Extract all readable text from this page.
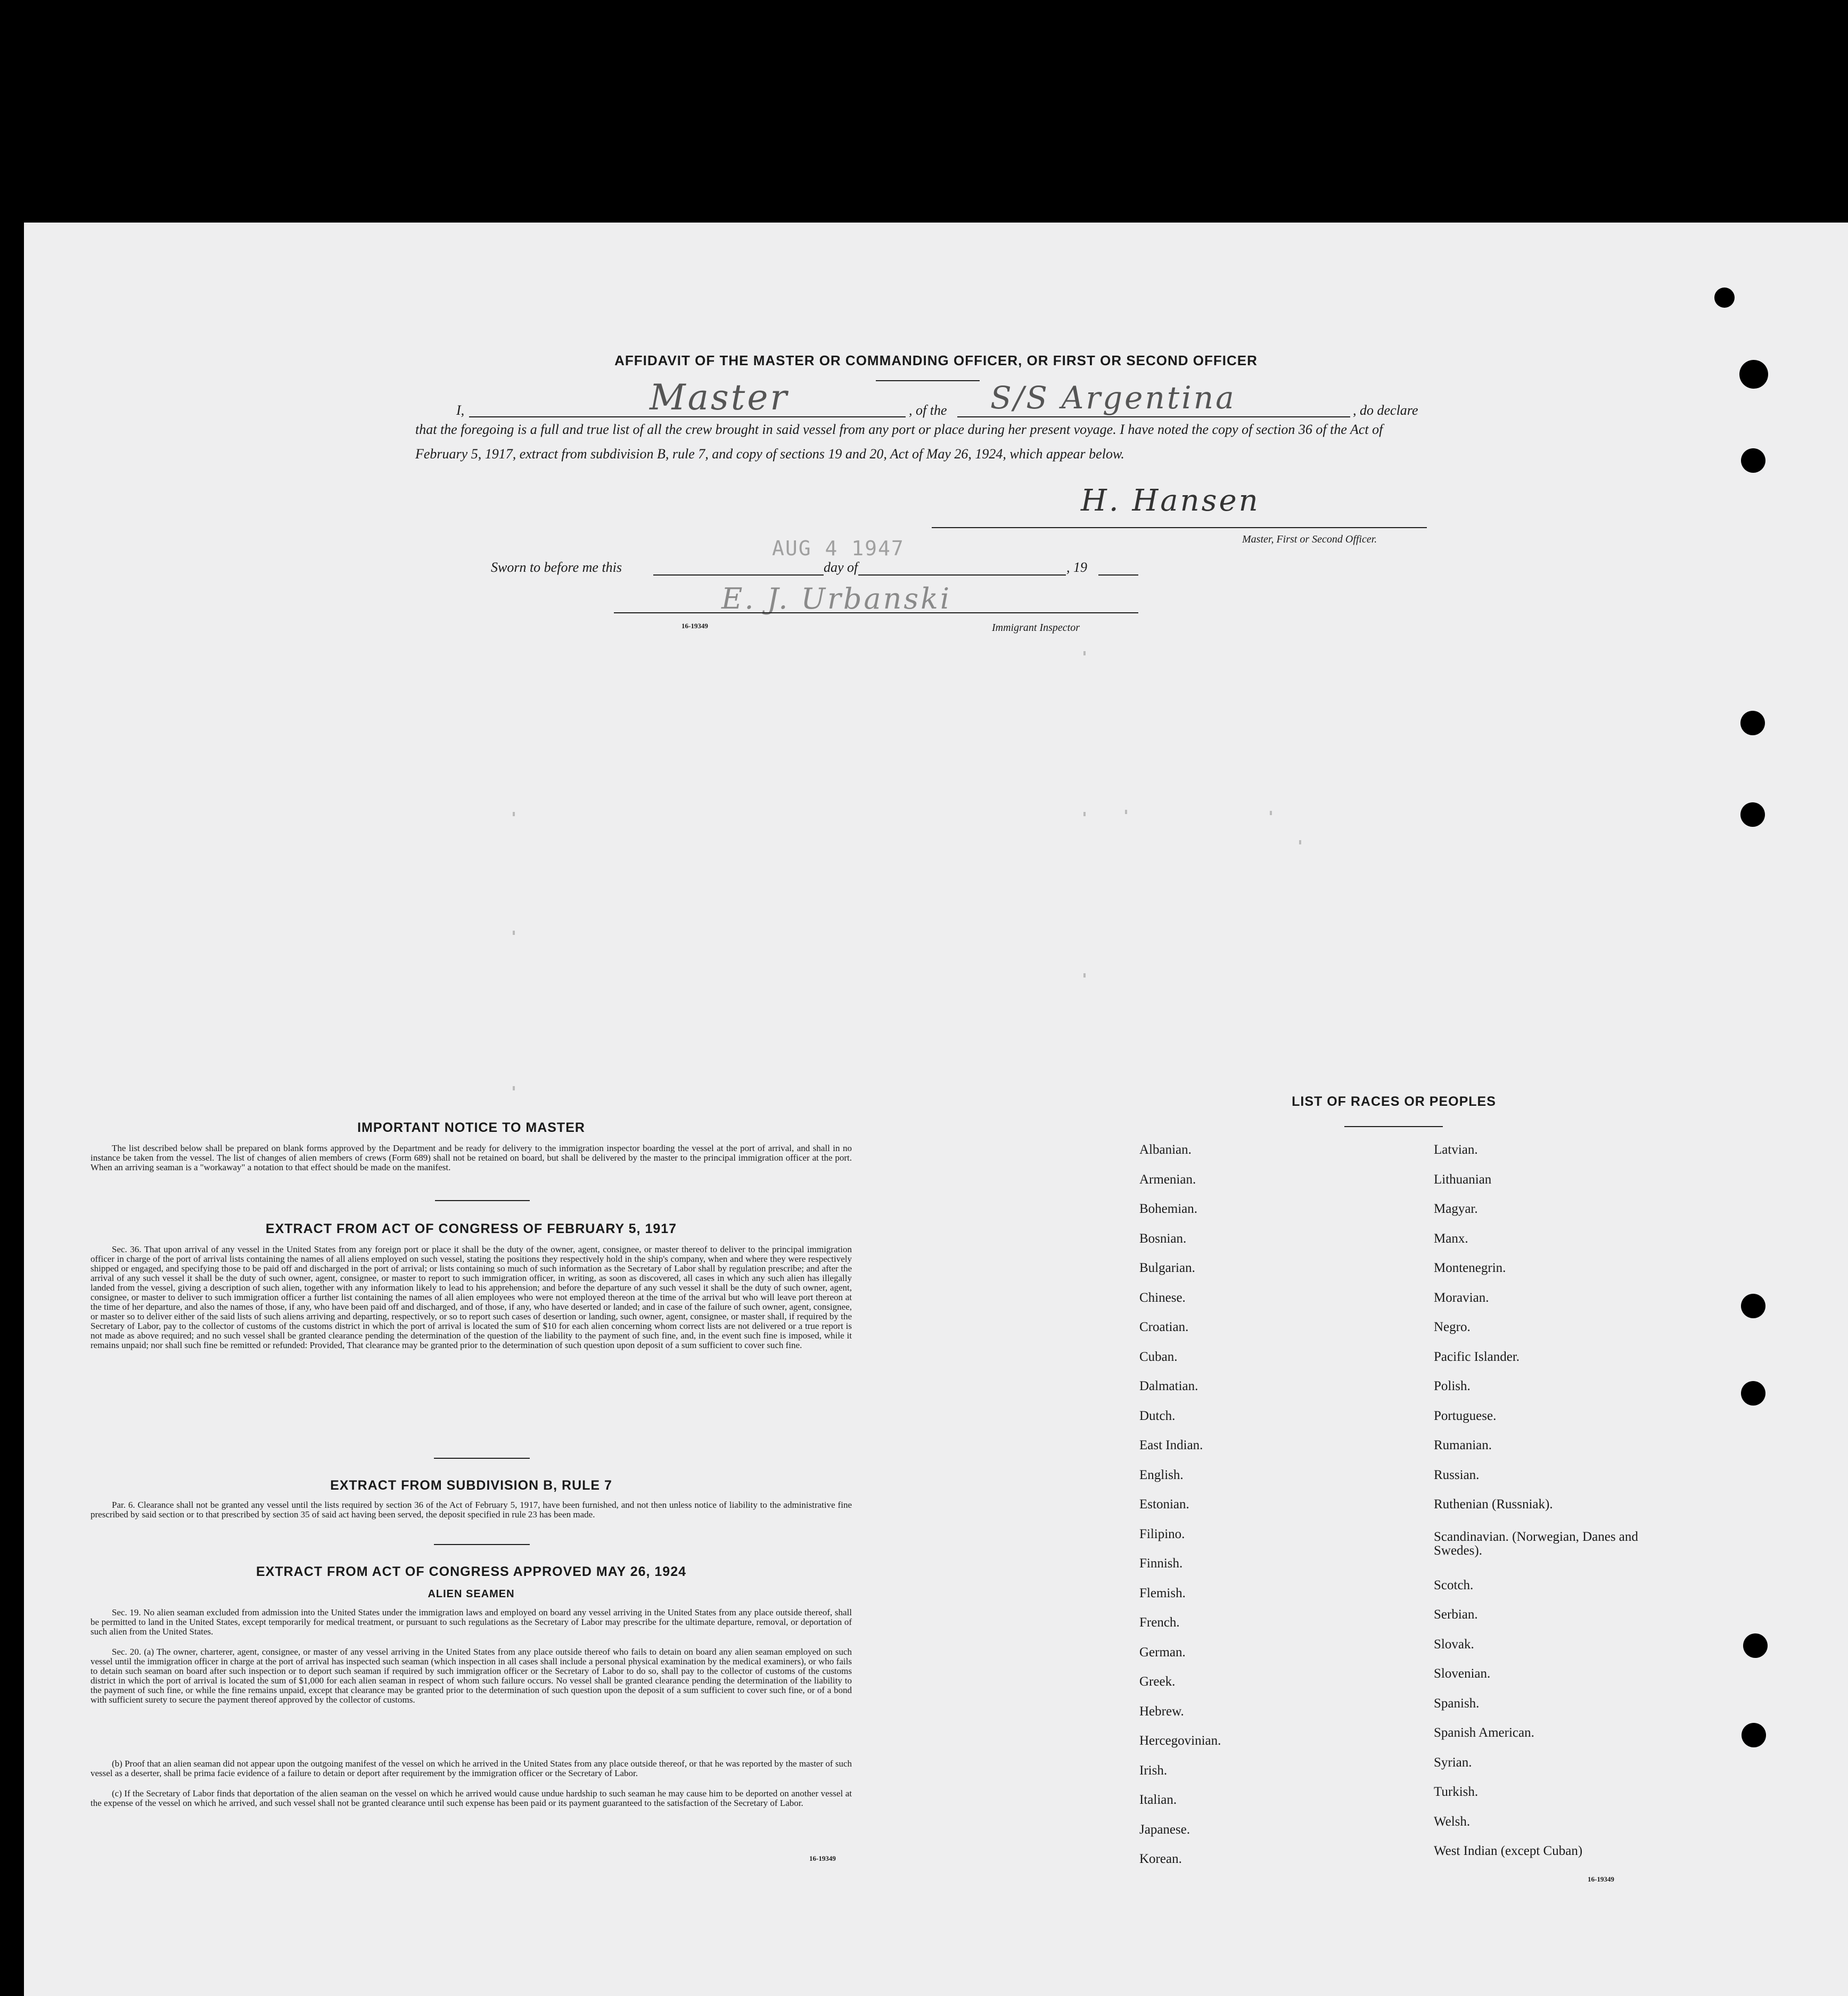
AFFIDAVIT OF THE MASTER OR COMMANDING OFFICER, OR FIRST OR SECOND OFFICER
I,	Master	, of the S/S Argentina	, do declare
that the foregoing is a full and true list of all the crew brought in said vessel from any port or place during her present voyage. I have noted the copy of section 36 of the Act of February 5, 1917, extract from subdivision B, rule 7, and copy of sections 19 and 20, Act of May 26, 1924, which appear below.
H. Hansen
Master, First or Second Officer.
Sworn to before me this
AUG 4 1947
day of	, 19
E. J. Urbanski
16-19349	Immigrant Inspector
IMPORTANT NOTICE TO MASTER
The list described below shall be prepared on blank forms approved by the Department and be ready for delivery to the immigration inspector boarding the vessel at the port of arrival, and shall in no instance be taken from the vessel. The list of changes of alien members of crews (Form 689) shall not be retained on board, but shall be delivered by the master to the principal immigration officer at the port. When an arriving seaman is a "workaway" a notation to that effect should be made on the manifest.
EXTRACT FROM ACT OF CONGRESS OF FEBRUARY 5, 1917
Sec. 36. That upon arrival of any vessel in the United States from any foreign port or place it shall be the duty of the owner, agent, consignee, or master thereof to deliver to the principal immigration officer in charge of the port of arrival lists containing the names of all aliens employed on such vessel, stating the positions they respectively hold in the ship's company, when and where they were respectively shipped or engaged, and specifying those to be paid off and discharged in the port of arrival; or lists containing so much of such information as the Secretary of Labor shall by regulation prescribe; and after the arrival of any such vessel it shall be the duty of such owner, agent, consignee, or master to report to such immigration officer, in writing, as soon as discovered, all cases in which any such alien has illegally landed from the vessel, giving a description of such alien, together with any information likely to lead to his apprehension; and before the departure of any such vessel it shall be the duty of such owner, agent, consignee, or master to deliver to such immigration officer a further list containing the names of all alien employees who were not employed thereon at the time of the arrival but who will leave port thereon at the time of her departure, and also the names of those, if any, who have been paid off and discharged, and of those, if any, who have deserted or landed; and in case of the failure of such owner, agent, consignee, or master so to deliver either of the said lists of such aliens arriving and departing, respectively, or so to report such cases of desertion or landing, such owner, agent, consignee, or master shall, if required by the Secretary of Labor, pay to the collector of customs of the customs district in which the port of arrival is located the sum of $10 for each alien concerning whom correct lists are not delivered or a true report is not made as above required; and no such vessel shall be granted clearance pending the determination of the question of the liability to the payment of such fine, and, in the event such fine is imposed, while it remains unpaid; nor shall such fine be remitted or refunded: Provided, That clearance may be granted prior to the determination of such question upon deposit of a sum sufficient to cover such fine.
EXTRACT FROM SUBDIVISION B, RULE 7
Par. 6. Clearance shall not be granted any vessel until the lists required by section 36 of the Act of February 5, 1917, have been furnished, and not then unless notice of liability to the administrative fine prescribed by said section or to that prescribed by section 35 of said act having been served, the deposit specified in rule 23 has been made.
EXTRACT FROM ACT OF CONGRESS APPROVED MAY 26, 1924
ALIEN SEAMEN
Sec. 19. No alien seaman excluded from admission into the United States under the immigration laws and employed on board any vessel arriving in the United States from any place outside thereof, shall be permitted to land in the United States, except temporarily for medical treatment, or pursuant to such regulations as the Secretary of Labor may prescribe for the ultimate departure, removal, or deportation of such alien from the United States.
Sec. 20. (a) The owner, charterer, agent, consignee, or master of any vessel arriving in the United States from any place outside thereof who fails to detain on board any alien seaman employed on such vessel until the immigration officer in charge at the port of arrival has inspected such seaman (which inspection in all cases shall include a personal physical examination by the medical examiners), or who fails to detain such seaman on board after such inspection or to deport such seaman if required by such immigration officer or the Secretary of Labor to do so, shall pay to the collector of customs of the customs district in which the port of arrival is located the sum of $1,000 for each alien seaman in respect of whom such failure occurs. No vessel shall be granted clearance pending the determination of the liability to the payment of such fine, or while the fine remains unpaid, except that clearance may be granted prior to the determination of such question upon the deposit of a sum sufficient to cover such fine, or of a bond with sufficient surety to secure the payment thereof approved by the collector of customs.
(b) Proof that an alien seaman did not appear upon the outgoing manifest of the vessel on which he arrived in the United States from any place outside thereof, or that he was reported by the master of such vessel as a deserter, shall be prima facie evidence of a failure to detain or deport after requirement by the immigration officer or the Secretary of Labor.
(c) If the Secretary of Labor finds that deportation of the alien seaman on the vessel on which he arrived would cause undue hardship to such seaman he may cause him to be deported on another vessel at the expense of the vessel on which he arrived, and such vessel shall not be granted clearance until such expense has been paid or its payment guaranteed to the satisfaction of the Secretary of Labor.
16-19349
LIST OF RACES OR PEOPLES
Albanian.
Armenian.
Bohemian.
Bosnian.
Bulgarian.
Chinese.
Croatian.
Cuban.
Dalmatian.
Dutch.
East Indian.
English.
Estonian.
Filipino.
Finnish.
Flemish.
French.
German.
Greek.
Hebrew.
Hercegovinian.
Irish.
Italian.
Japanese.
Korean.
Latvian.
Lithuanian
Magyar.
Manx.
Montenegrin.
Moravian.
Negro.
Pacific Islander.
Polish.
Portuguese.
Rumanian.
Russian.
Ruthenian (Russniak).
Scandinavian. (Norwegian, Danes and Swedes).
Scotch.
Serbian.
Slovak.
Slovenian.
Spanish.
Spanish American.
Syrian.
Turkish.
Welsh.
West Indian (except Cuban)
16-19349
